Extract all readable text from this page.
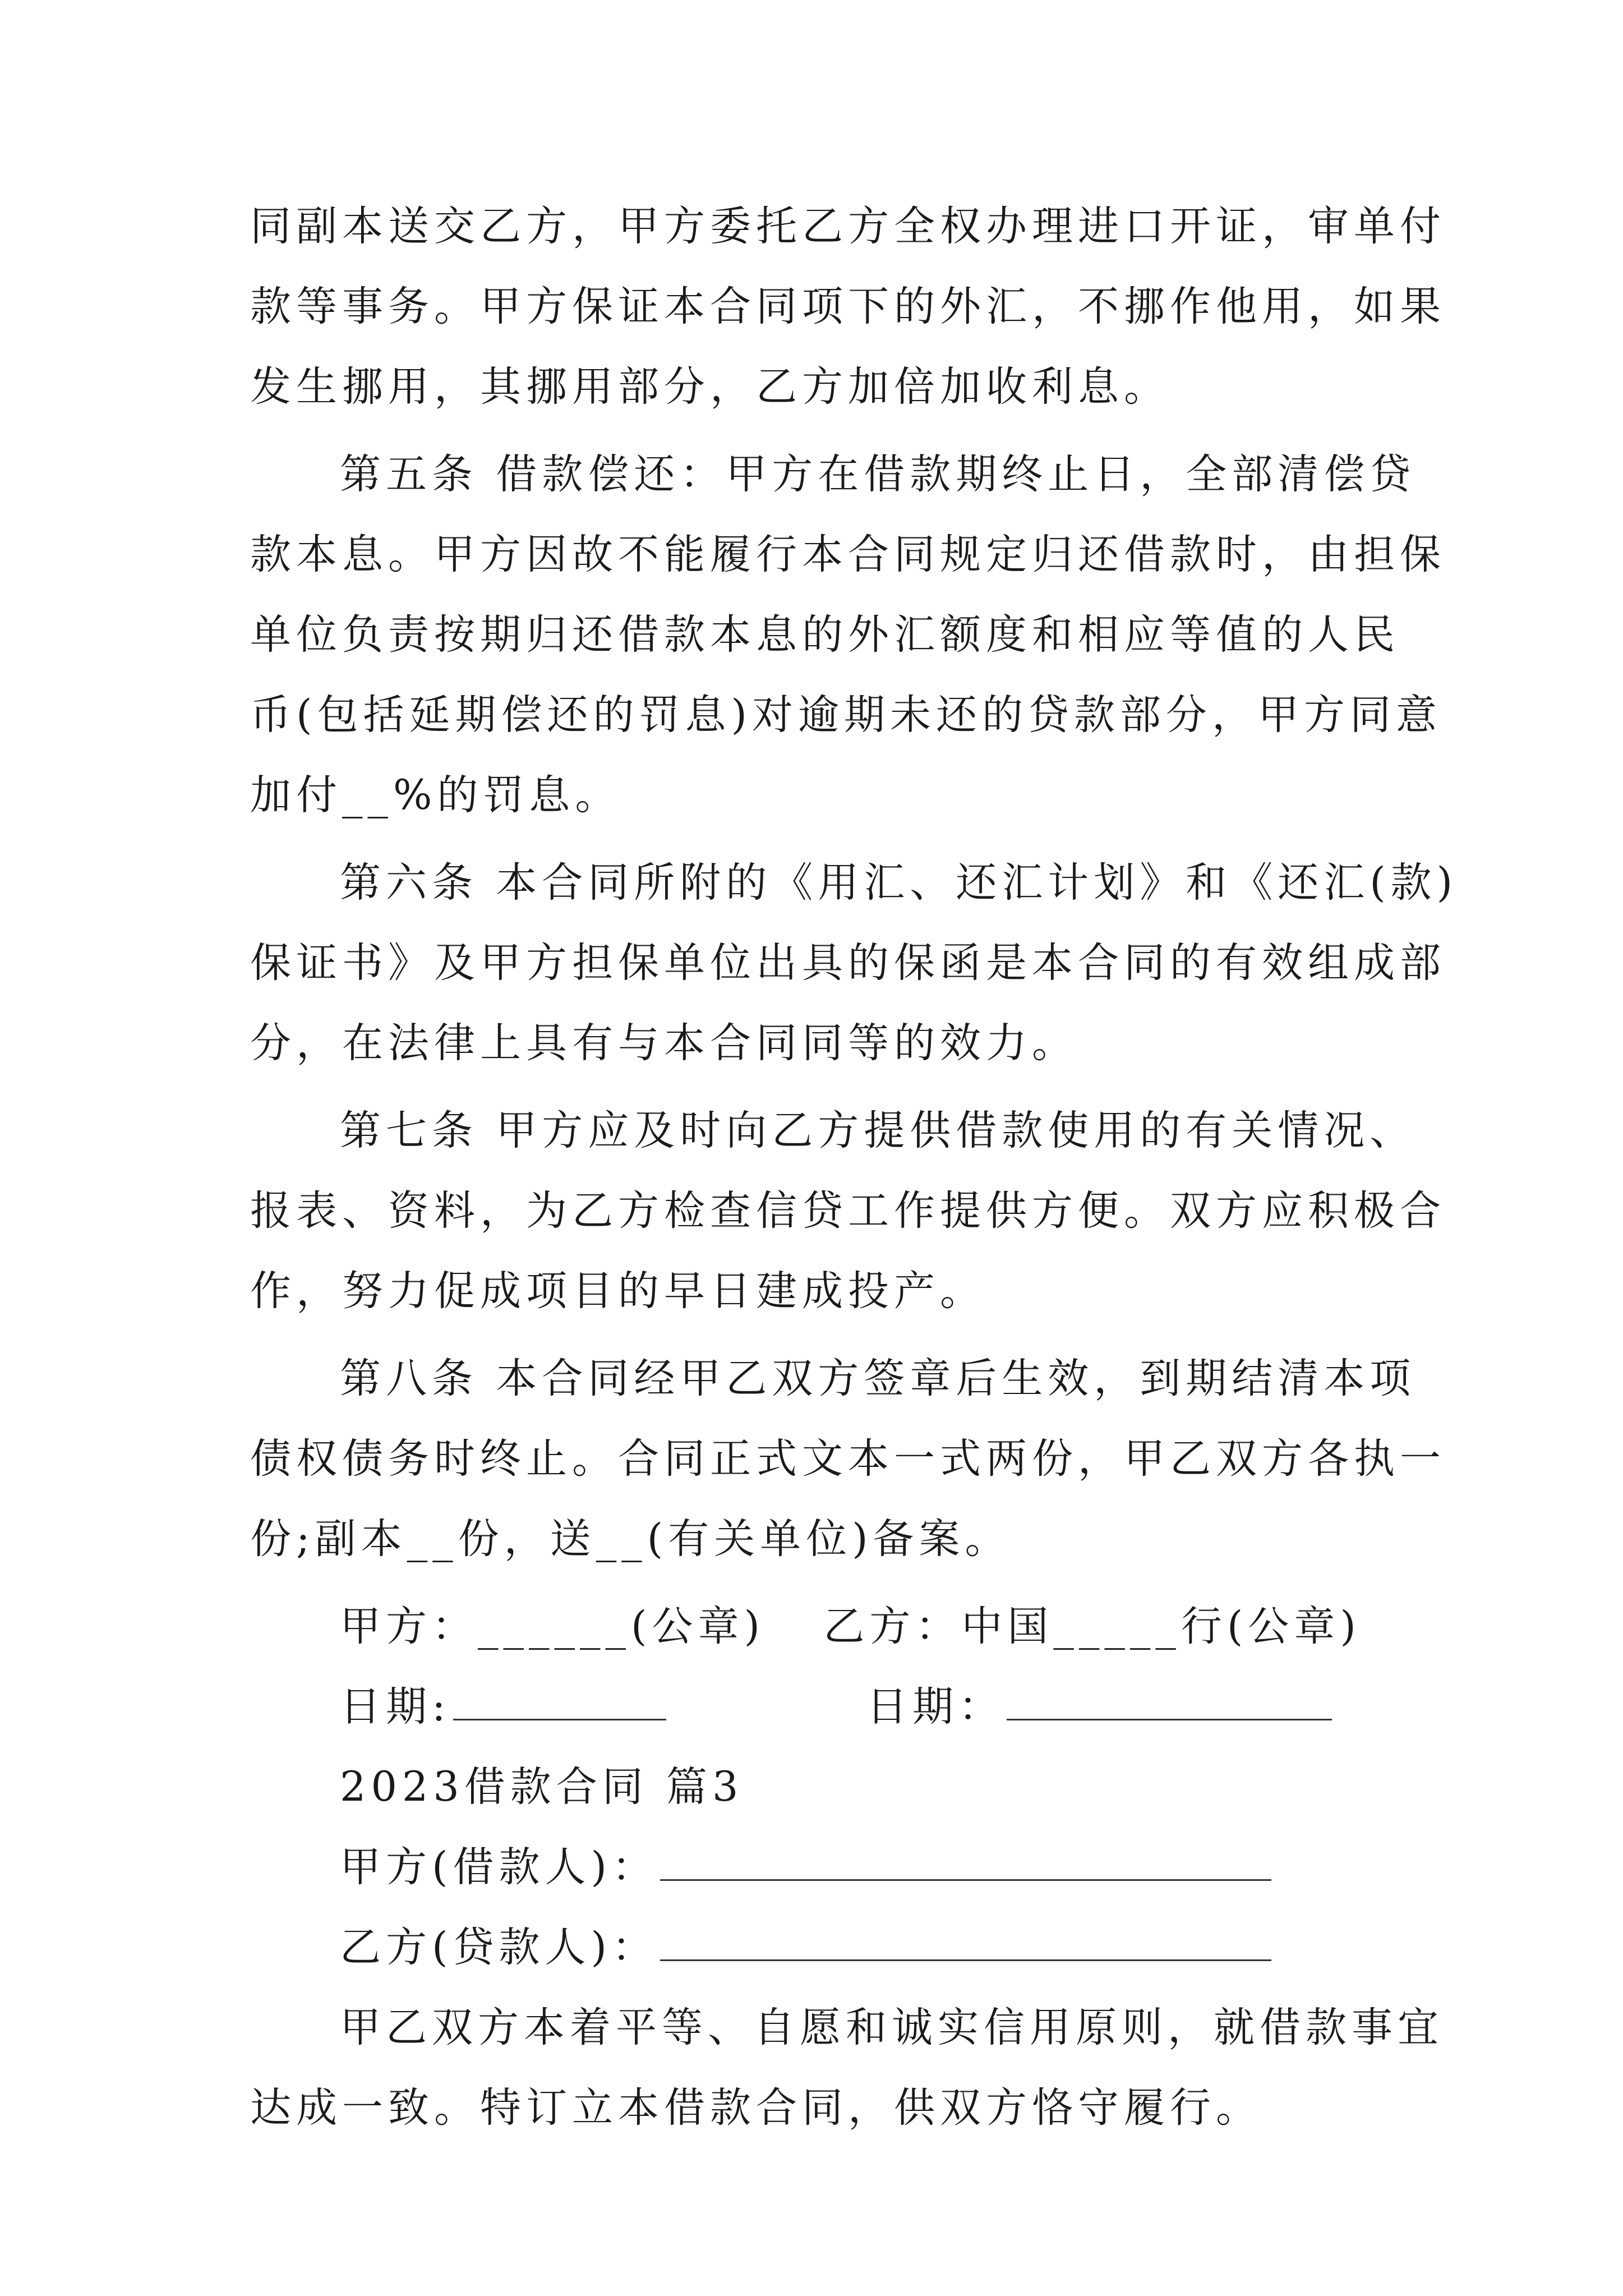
同副本送交乙方，甲方委托乙方全权办理进口开证，审单付

款等事务。甲方保证本合同项下的外汇，不挪作他用，如果

发生挪用，其挪用部分，乙方加倍加收利息。

第五条 借款偿还：甲方在借款期终止日，全部清偿贷

款本息。甲方因故不能履行本合同规定归还借款时，由担保

单位负责按期归还借款本息的外汇额度和相应等值的人民

币(包括延期偿还的罚息)对逾期未还的贷款部分，甲方同意

加付__%的罚息。

第六条 本合同所附的《用汇、还汇计划》和《还汇(款)

保证书》及甲方担保单位出具的保函是本合同的有效组成部

分，在法律上具有与本合同同等的效力。

第七条 甲方应及时向乙方提供借款使用的有关情况、

报表、资料，为乙方检查信贷工作提供方便。双方应积极合

作，努力促成项目的早日建成投产。

第八条 本合同经甲乙双方签章后生效，到期结清本项

债权债务时终止。合同正式文本一式两份，甲乙双方各执一

份;副本__份，送__(有关单位)备案。

甲方：______(公章) 乙方：中国_____行(公章)

日期:	日期：

2023借款合同 篇3

甲方(借款人)：

乙方(贷款人)：

甲乙双方本着平等、自愿和诚实信用原则，就借款事宜

达成一致。特订立本借款合同，供双方恪守履行。
